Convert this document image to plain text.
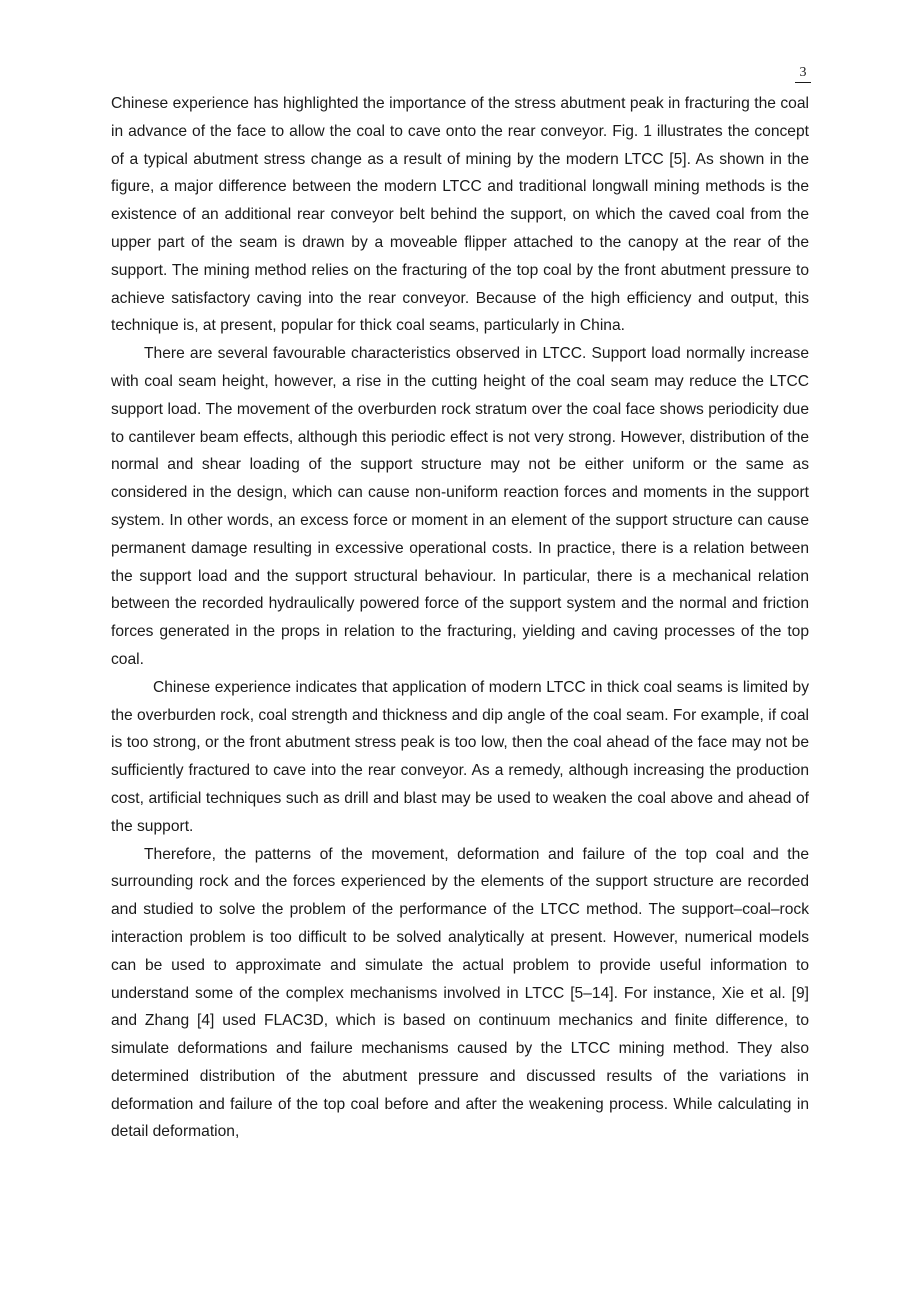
3

Chinese experience has highlighted the importance of the stress abutment peak in fracturing the coal in advance of the face to allow the coal to cave onto the rear conveyor. Fig. 1 illustrates the concept of a typical abutment stress change as a result of mining by the modern LTCC [5]. As shown in the figure, a major difference between the modern LTCC and traditional longwall mining methods is the existence of an additional rear conveyor belt behind the support, on which the caved coal from the upper part of the seam is drawn by a moveable flipper attached to the canopy at the rear of the support. The mining method relies on the fracturing of the top coal by the front abutment pressure to achieve satisfactory caving into the rear conveyor. Because of the high efficiency and output, this technique is, at present, popular for thick coal seams, particularly in China.

There are several favourable characteristics observed in LTCC. Support load normally increase with coal seam height, however, a rise in the cutting height of the coal seam may reduce the LTCC support load. The movement of the overburden rock stratum over the coal face shows periodicity due to cantilever beam effects, although this periodic effect is not very strong. However, distribution of the normal and shear loading of the support structure may not be either uniform or the same as considered in the design, which can cause non-uniform reaction forces and moments in the support system. In other words, an excess force or moment in an element of the support structure can cause permanent damage resulting in excessive operational costs. In practice, there is a relation between the support load and the support structural behaviour. In particular, there is a mechanical relation between the recorded hydraulically powered force of the support system and the normal and friction forces generated in the props in relation to the fracturing, yielding and caving processes of the top coal.

Chinese experience indicates that application of modern LTCC in thick coal seams is limited by the overburden rock, coal strength and thickness and dip angle of the coal seam. For example, if coal is too strong, or the front abutment stress peak is too low, then the coal ahead of the face may not be sufficiently fractured to cave into the rear conveyor. As a remedy, although increasing the production cost, artificial techniques such as drill and blast may be used to weaken the coal above and ahead of the support.

Therefore, the patterns of the movement, deformation and failure of the top coal and the surrounding rock and the forces experienced by the elements of the support structure are recorded and studied to solve the problem of the performance of the LTCC method. The support–coal–rock interaction problem is too difficult to be solved analytically at present. However, numerical models can be used to approximate and simulate the actual problem to provide useful information to understand some of the complex mechanisms involved in LTCC [5–14]. For instance, Xie et al. [9] and Zhang [4] used FLAC3D, which is based on continuum mechanics and finite difference, to simulate deformations and failure mechanisms caused by the LTCC mining method. They also determined distribution of the abutment pressure and discussed results of the variations in deformation and failure of the top coal before and after the weakening process. While calculating in detail deformation,
